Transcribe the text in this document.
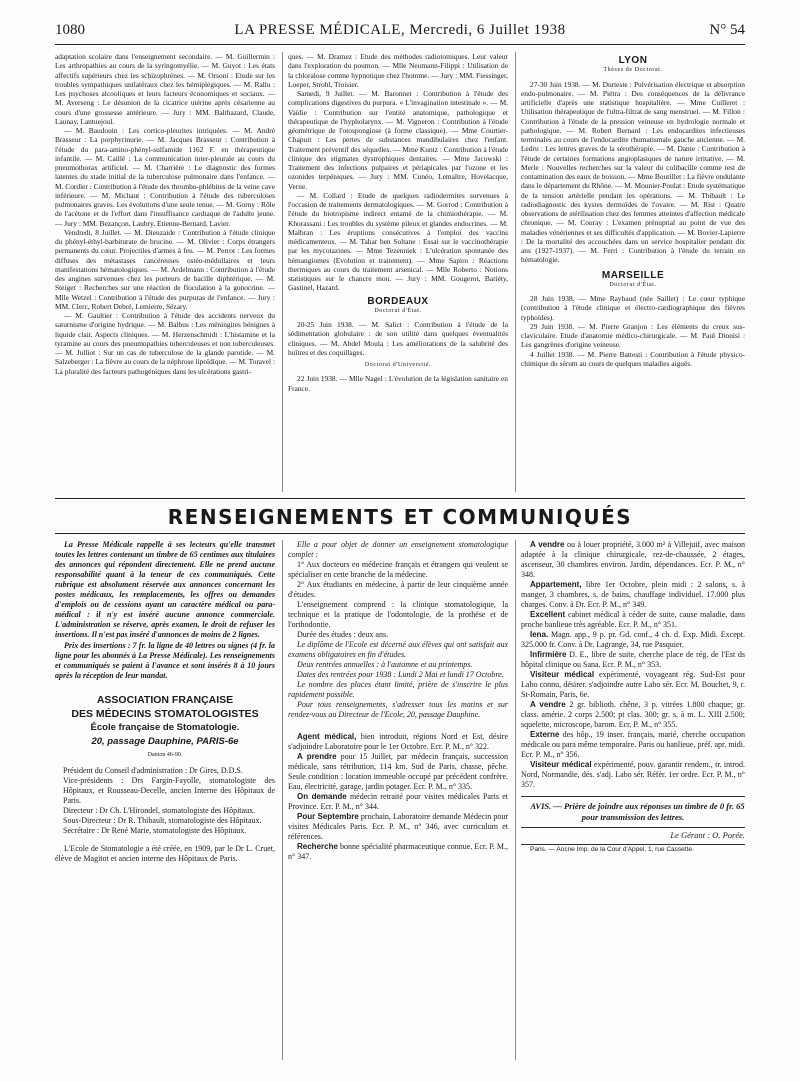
1080	LA PRESSE MÉDICALE, Mercredi, 6 Juillet 1938	N° 54

adaptation scolaire dans l'enseignement secondaire. — M. Guillermin : Les arthropathies au cours de la syringomyélie. — M. Guyot : Les états affectifs supérieurs chez les schizophrènes. — M. Orsoni : Etude sur les troubles sympathiques unilatéraux chez les hémiplégiques. — M. Rallu : Les psychoses alcooliques et leurs facteurs économiques et sociaux. — M. Averseng : Le désunion de la cicatrice utérine après césarienne au cours d'une grossesse antérieure. — Jury : MM. Balthazard, Claude, Launay, Lantuejoul.

— M. Baudouin : Les cortico-pleurites intriquées. — M. André Brasseur : La porphyrinurie. — M. Jacques Brasseur : Contribution à l'étude du para-amino-phényl-sulfamide 1162 F. en thérapeutique infantile. — M. Caillé : La communication inter-pleurale au cours du pneumothorax artificiel. — M. Charrière : Le diagnostic des formes latentes du stade initial de la tuberculose pulmonaire dans l'enfance. — M. Cordier : Contribution à l'étude des thrombo-phlébites de la veine cave inférieure. — M. Michaut : Contribution à l'étude des tuberculoses pulmonaires graves. Les évolutions d'une seule tenue. — M. Gorny : Rôle de l'acétone et de l'effort dans l'insuffisance cardiaque de l'adulte jeune. — Jury : MM. Bezançon, Laubry, Etienne-Bernard, Lavier.

Vendredi, 8 Juillet. — M. Dieuzaide : Contribution à l'étude clinique du phényl-éthyl-barbiturate de brucine. — M. Olivier : Corps étrangers permanents du cœur. Projectiles d'armes à feu. — M. Perrot : Les formes diffuses des métastases cancéreuses ostéo-médullaires et leurs manifestations hématologiques. — M. Ardelmann : Contribution à l'étude des angines survenues chez les porteurs de bacille diphtérique. — M. Steiger : Recherches sur une réaction de floculation à la gonocrine. — Mlle Wetzel : Contribution à l'étude des purpuras de l'enfance. — Jury : MM. Clerc, Robert Debré, Lemierre, Sézary.

— M. Gaultier : Contribution à l'étude des accidents nerveux du saturnisme d'origine hydrique. — M. Balbus : Les méningites bénignes à liquide clair. Aspects cliniques. — M. Herzenschmidt : L'histamine et la tyramine au cours des pneumopathies tuberculeuses et non tuberculeuses. — M. Julliot : Sur un cas de tuberculose de la glande parotide. — M. Salzeberger : La fièvre au cours de la néphrose lipoïdique. — M. Toravel : La pluralité des facteurs pathogéniques dans les ulcérations gastri-

ques. — M. Dramez : Etude des méthodes radiotomiques. Leur valeur dans l'exploration du poumon. — Mlle Neumann-Filippi : Utilisation de la chloralose comme hypnotique chez l'homme. — Jury : MM. Fiessinger, Loeper, Strohl, Troisier.

Samedi, 9 Juillet. — M. Baronnet : Contribution à l'étude des complications digestives du purpura. « L'invagination intestinale ». — M. Vaïdie : Contribution sur l'entité anatomique, pathologique et thérapeutique de l'hypholarynx. — M. Vigneron : Contribution à l'étude géométrique de l'otospongiose (à forme classique). — Mme Courtier-Chapuit : Les pertes de substances mandibulaires chez l'enfant. Traitement préventif des séquelles. — Mme Kuntz : Contribution à l'étude clinique des stigmates dystrophiques dentaires. — Mme Jacowski : Traitement des infections pulpaires et périapicales par l'ozone et les ozonides terpéniques. — Jury : MM. Cunéo, Lemaître, Hovelacque, Verne.

— M. Collard : Etude de quelques radiodermites survenues à l'occasion de traitements dermatologiques. — M. Gorrod : Contribution à l'étude du biotropisme indirect entamé de la chimiothérapie. — M. Khorassani : Les troubles du système pileux et glandes endocrines. — M. Malbran : Les éruptions consécutives à l'emploi des vaccins médicamenteux. — M. Tahar ben Soltane : Essai sur le vaccinothérapie par les mycotazines. — Mme Tezenniek : L'ulcération spontanée des hémangiomes (Evolution et traitement). — Mme Sapiro : Réactions thermiques au cours du traitement arsenical. — Mlle Roberto : Notions statistiques sur le chancre mou. — Jury : MM. Gougerot, Bariéty, Gastinel, Hazard.

BORDEAUX
Doctorat d'État.

20-25 Juin 1938. — M. Salict : Contribution à l'étude de la sédimentation globulaire : de son utilité dans quelques éventualités cliniques. — M. Abdel Moula : Les améliorations de la salubrité des huîtres et des coquillages.

Doctorat d'Université.

22 Juin 1938. — Mlle Nagel : L'évolution de la législation sanitaire en France.

LYON
Thèses de Doctorat.

27-30 Juin 1938. — M. Durteste : Pulvérisation électrique et absorption endo-pulmonaire. — M. Piétra : Des conséquences de la délivrance artificielle d'après une statistique hospitalière. — Mme Cuilleret : Utilisation thérapeutique de l'ultra-filtrat de sang menstruel. — M. Fillon : Contribution à l'étude de la pression veineuse en hydrologie normale et pathologique. — M. Robert Bernard : Les endocardites infectieuses terminales au cours de l'endocardite rhumatismale gauche ancienne. — M. Ledru : Les lettres graves de la sérothérapie. — M. Danie : Contribution à l'étude de certaines formations angioplasiques de nature irritative. — M. Merle : Nouvelles recherches sur la valeur du colibacille comme test de contamination des eaux de boisson. — Mme Bourillet : La fièvre ondulante dans le département du Rhône. — M. Mounier-Poulat : Etude systématique de la tension artérielle pendant les opérations. — M. Thibault : Le radiodiagnostic des kystes dermoïdes de l'ovaire. — M. Rist : Quatre observations de stérilisation chez des femmes atteintes d'affection médicale chronique. — M. Couray : L'examen prénuptial au point de vue des maladies vénériennes et ses difficultés d'application. — M. Bovier-Lapierre : De la mortalité des accouchées dans un service hospitalier pendant dix ans (1927-1937). — M. Ferri : Contribution à l'étude du terrain en hématologie.

MARSEILLE
Doctorat d'État.

28 Juin 1938. — Mme Raybaud (née Saillet) : Le cœur typhique (contribution à l'étude clinique et électro-cardiographique des fièvres typhoïdes).

29 Juin 1938. — M. Pierre Granjon : Les éléments du creux sus-claviculaire. Etude d'anatomie médico-chirurgicale. — M. Paul Dionisi : Les gangrènes d'origine veineuse.

4 Juillet 1938. — M. Pierre Battesti : Contribution à l'étude physico-chimique du sérum au cours de quelques maladies aiguës.

RENSEIGNEMENTS ET COMMUNIQUÉS

La Presse Médicale rappelle à ses lecteurs qu'elle transmet toutes les lettres contenant un timbre de 65 centimes aux titulaires des annonces qui répondent directement. Elle ne prend aucune responsabilité quant à la teneur de ces communiqués. Cette rubrique est absolument réservée aux annonces concernant les postes médicaux, les remplacements, les offres ou demandes d'emplois ou de cessions ayant un caractère médical ou para-médical : il n'y est inséré aucune annonce commerciale. L'administration se réserve, après examen, le droit de refuser les insertions. Il n'est pas inséré d'annonces de moins de 2 lignes.

Prix des insertions : 7 fr. la ligne de 40 lettres ou signes (4 fr. la ligne pour les abonnés à La Presse Médicale). Les renseignements et communiqués se paient à l'avance et sont insérés 8 à 10 jours après la réception de leur mandat.

ASSOCIATION FRANÇAISE
DES MÉDECINS STOMATOLOGISTES
École française de Stomatologie.
20, passage Dauphine, PARIS-6e
Danton 46-90.

Président du Conseil d'administration : Dr Gires, D.D.S.

Vice-présidents : Drs Fargin-Fayolle, stomatologiste des Hôpitaux, et Rousseau-Decelle, ancien Interne des Hôpitaux de Paris.

Directeur : Dr Ch. L'Hirondel, stomatologiste des Hôpitaux.

Sous-Directeur : Dr R. Thibault, stomatologiste des Hôpitaux.

Secrétaire : Dr René Marie, stomatologiste des Hôpitaux.

L'Ecole de Stomatologie a été créée, en 1909, par le Dr L. Cruet, élève de Magitot et ancien interne des Hôpitaux de Paris.

Elle a pour objet de donner un enseignement stomatologique complet :

1° Aux docteurs en médecine français et étrangers qui veulent se spécialiser en cette branche de la médecine.

2° Aux étudiants en médecine, à partir de leur cinquième année d'études.

L'enseignement comprend : la clinique stomatologique, la technique et la pratique de l'odontologie, de la prothèse et de l'orthodontie.

Durée des études : deux ans.

Le diplôme de l'Ecole est décerné aux élèves qui ont satisfait aux examens obligatoires en fin d'études.

Deux rentrées annuelles : à l'automne et au printemps.

Dates des rentrées pour 1938 : Lundi 2 Mai et lundi 17 Octobre.

Le nombre des places étant limité, prière de s'inscrire le plus rapidement possible.

Pour tous renseignements, s'adresser tous les matins et sur rendez-vous au Directeur de l'Ecole, 20, passage Dauphine.

Agent médical, bien introduit, régions Nord et Est, désire s'adjoindre Laboratoire pour le 1er Octobre. Ecr. P. M., n° 322.

A prendre pour 15 Juillet, par médecin français, succession médicale, sans rétribution, 114 km. Sud de Paris, chasse, pêche. Seule condition : location immeuble occupé par précédent confrère. Eau, électricité, garage, jardin potager. Ecr. P. M., n° 335.

On demande médecin retraité pour visites médicales Paris et Province. Ecr. P. M., n° 344.

Pour Septembre prochain, Laboratoire demande Médecin pour visites Médicales Paris. Ecr. P. M., n° 346, avec curriculum et références.

Recherche bonne spécialité pharmaceutique connue. Ecr. P. M., n° 347.

A vendre ou à louer propriété, 3.000 m² à Villejuif, avec maison adaptée à la clinique chirurgicale, rez-de-chaussée, 2 étages, ascenseur, 30 chambres environ. Jardin, dépendances. Ecr. P. M., n° 348.

Appartement, libre 1er Octobre, plein midi : 2 salons, s. à manger, 3 chambres, s. de bains, chauffage individuel. 17.000 plus charges. Conv. à Dr. Ecr. P. M., n° 349.

Excellent cabinet médical à céder de suite, cause maladie, dans proche banlieue très agréable. Ecr. P. M., n° 351.

Iena. Magn. app., 9 p. pr. Gd. conf., 4 ch. d. Exp. Midi. Except. 325.000 fr. Conv. à Dr. Lagrange, 34, rue Pasquier.

Infirmière D. E., libre de suite, cherche place de rég. de l'Est ds hôpital clinique ou Sana. Ecr. P. M., n° 353.

Visiteur médical expérimenté, voyageant rég. Sud-Est pour Labo connu, désirer. s'adjoindre autre Labo sér. Ecr. M. Bouchet, 9, r. St-Romain, Paris, 6e.

A vendre 2 gr. biblioth. chêne, 3 p. vitrées 1.800 chaque; gr. class. amérie. 2 corps 2.500; pt clas. 300; gr. s. à m. L. XIII 2.500; squelette, microscope, barom. Ecr. P. M., n° 355.

Externe des hôp., 19 inser. français, marié, cherche occupation médicale ou para même temporaire. Paris ou banlieue, préf. apr. midi. Ecr. P. M., n° 356.

Visiteur médical expérimenté, pouv. garantir rendem., tr. introd. Nord, Normandie, dés. s'adj. Labo sér. Référ. 1er ordre. Ecr. P. M., n° 357.

AVIS. — Prière de joindre aux réponses un timbre de 0 fr. 65 pour transmission des lettres.

Le Gérant : O. Porée.

Paris. — Ancne Imp. de la Cour d'Appel, 1, rue Cassette.
